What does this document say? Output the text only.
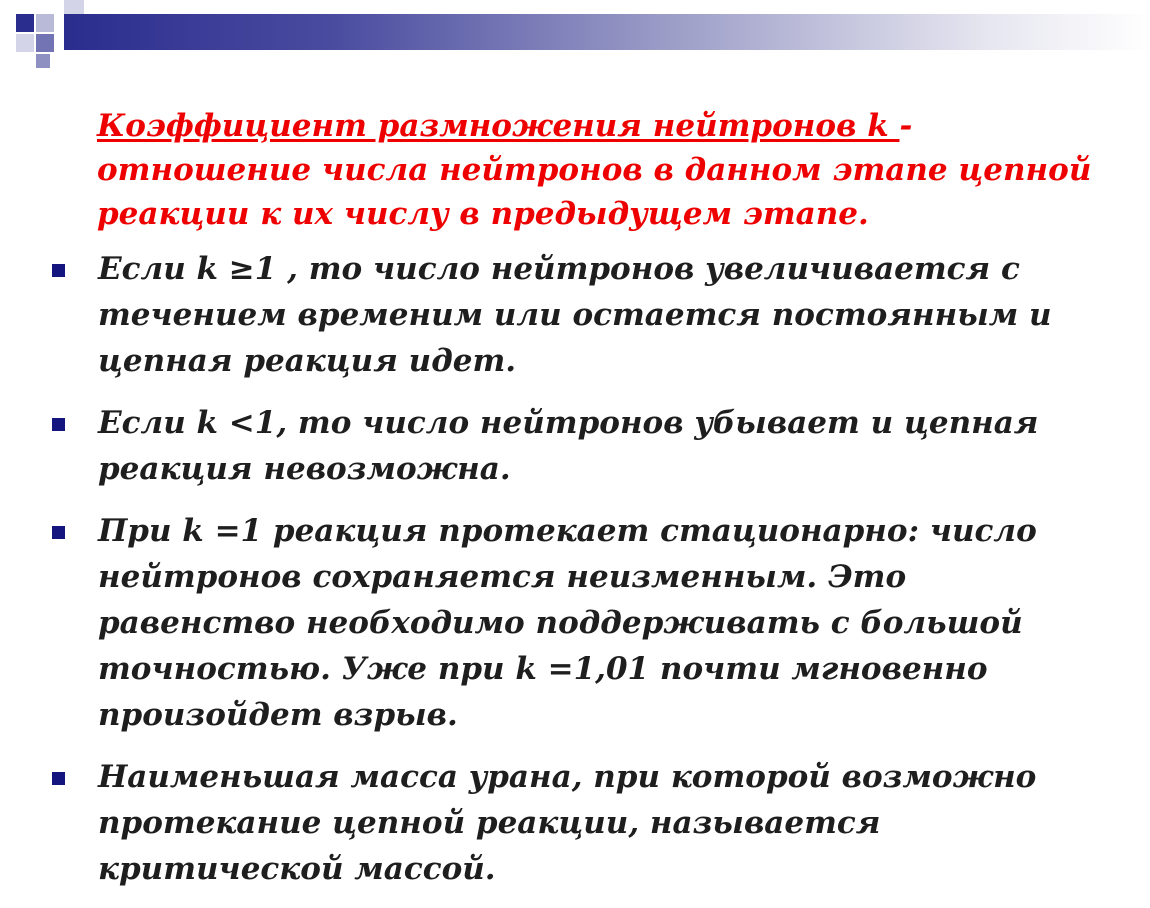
Коэффициент размножения нейтронов k - отношение числа нейтронов в данном этапе цепной реакции к их числу в предыдущем этапе.

Если k ≥1 , то число нейтронов увеличивается с течением временим или остается постоянным и цепная реакция идет.
Если k <1, то число нейтронов убывает и цепная реакция невозможна.
При k =1 реакция протекает стационарно: число нейтронов сохраняется неизменным. Это равенство необходимо поддерживать с большой точностью. Уже при k =1,01 почти мгновенно произойдет взрыв.
Наименьшая масса урана, при которой возможно протекание цепной реакции, называется критической массой.
